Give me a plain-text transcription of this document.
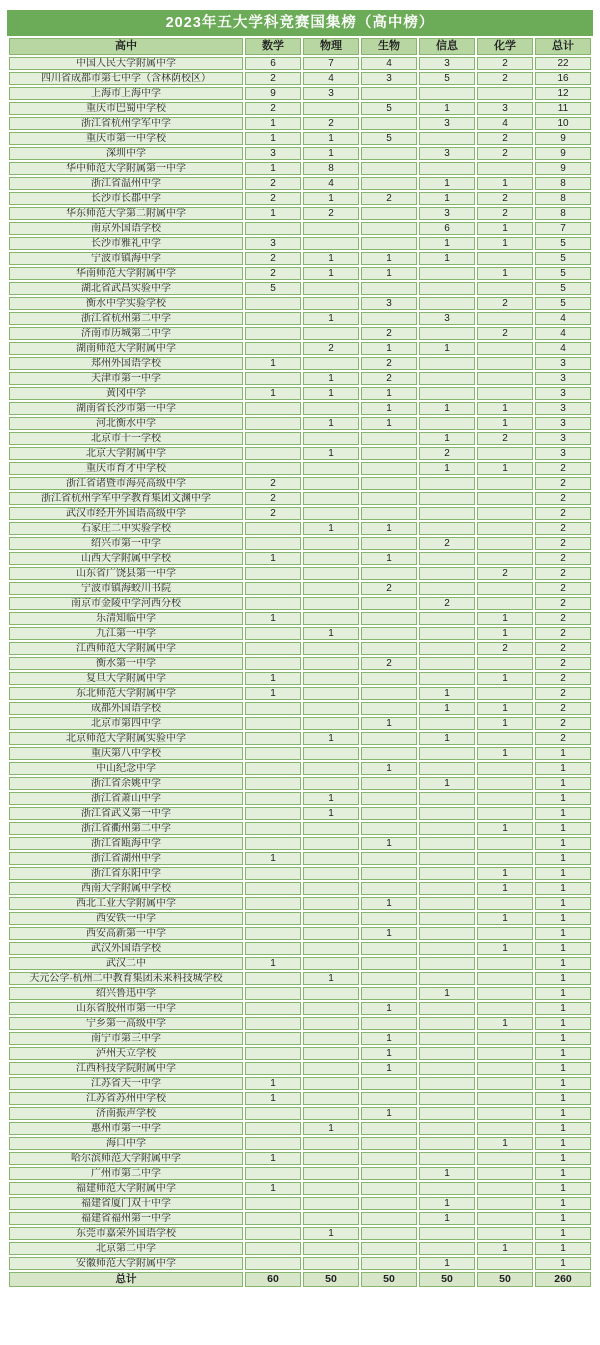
2023年五大学科竞赛国集榜（高中榜）
高中	数学	物理	生物	信息	化学	总计
中国人民大学附属中学	6	7	4	3	2	22
四川省成都市第七中学（含林荫校区）	2	4	3	5	2	16
上海市上海中学	9	3				12
重庆市巴蜀中学校	2		5	1	3	11
浙江省杭州学军中学	1	2		3	4	10
重庆市第一中学校	1	1	5		2	9
深圳中学	3	1		3	2	9
华中师范大学附属第一中学	1	8				9
浙江省温州中学	2	4		1	1	8
长沙市长郡中学	2	1	2	1	2	8
华东师范大学第二附属中学	1	2		3	2	8
南京外国语学校				6	1	7
长沙市雅礼中学	3			1	1	5
宁波市镇海中学	2	1	1	1		5
华南师范大学附属中学	2	1	1		1	5
湖北省武昌实验中学	5					5
衡水中学实验学校			3		2	5
浙江省杭州第二中学		1		3		4
济南市历城第二中学			2		2	4
湖南师范大学附属中学		2	1	1		4
郑州外国语学校	1		2			3
天津市第一中学		1	2			3
黄冈中学	1	1	1			3
湖南省长沙市第一中学			1	1	1	3
河北衡水中学		1	1		1	3
北京市十一学校				1	2	3
北京大学附属中学		1		2		3
重庆市育才中学校				1	1	2
浙江省诸暨市海亮高级中学	2					2
浙江省杭州学军中学教育集团文渊中学	2					2
武汉市经开外国语高级中学	2					2
石家庄二中实验学校		1	1			2
绍兴市第一中学				2		2
山西大学附属中学校	1		1			2
山东省广饶县第一中学					2	2
宁波市镇海蛟川书院			2			2
南京市金陵中学河西分校				2		2
乐清知临中学	1				1	2
九江第一中学		1			1	2
江西师范大学附属中学					2	2
衡水第一中学			2			2
复旦大学附属中学	1				1	2
东北师范大学附属中学	1			1		2
成都外国语学校				1	1	2
北京市第四中学			1		1	2
北京师范大学附属实验中学		1		1		2
重庆第八中学校					1	1
中山纪念中学			1			1
浙江省余姚中学				1		1
浙江省萧山中学		1				1
浙江省武义第一中学		1				1
浙江省衢州第二中学					1	1
浙江省瓯海中学			1			1
浙江省湖州中学	1					1
浙江省东阳中学					1	1
西南大学附属中学校					1	1
西北工业大学附属中学			1			1
西安铁一中学					1	1
西安高新第一中学			1			1
武汉外国语学校					1	1
武汉二中	1					1
天元公学·杭州二中教育集团未来科技城学校		1				1
绍兴鲁迅中学				1		1
山东省胶州市第一中学			1			1
宁乡第一高级中学					1	1
南宁市第三中学			1			1
泸州天立学校			1			1
江西科技学院附属中学			1			1
江苏省天一中学	1					1
江苏省苏州中学校	1					1
济南振声学校			1			1
惠州市第一中学		1				1
海口中学					1	1
哈尔滨师范大学附属中学	1					1
广州市第二中学				1		1
福建师范大学附属中学	1					1
福建省厦门双十中学				1		1
福建省福州第一中学				1		1
东莞市嘉荣外国语学校		1				1
北京第二中学					1	1
安徽师范大学附属中学				1		1
总计	60	50	50	50	50	260
